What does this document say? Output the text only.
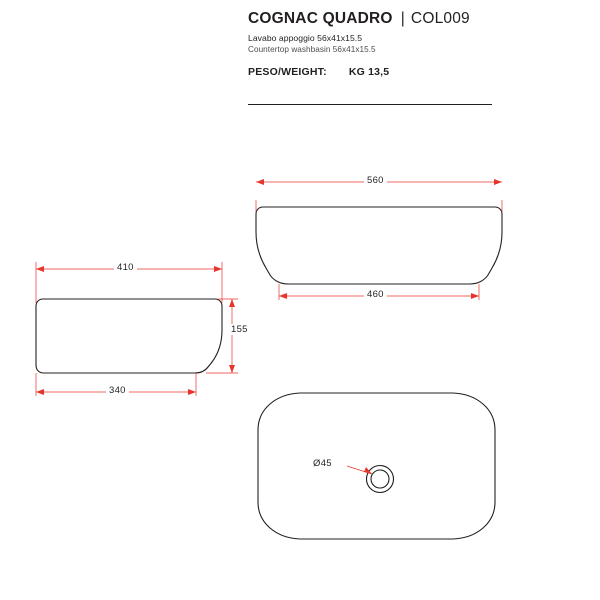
COGNAC QUADRO | COL009
Lavabo appoggio 56x41x15.5
Countertop washbasin 56x41x15.5
PESO/WEIGHT: KG 13,5
560
460
410
340
155
Ø45
